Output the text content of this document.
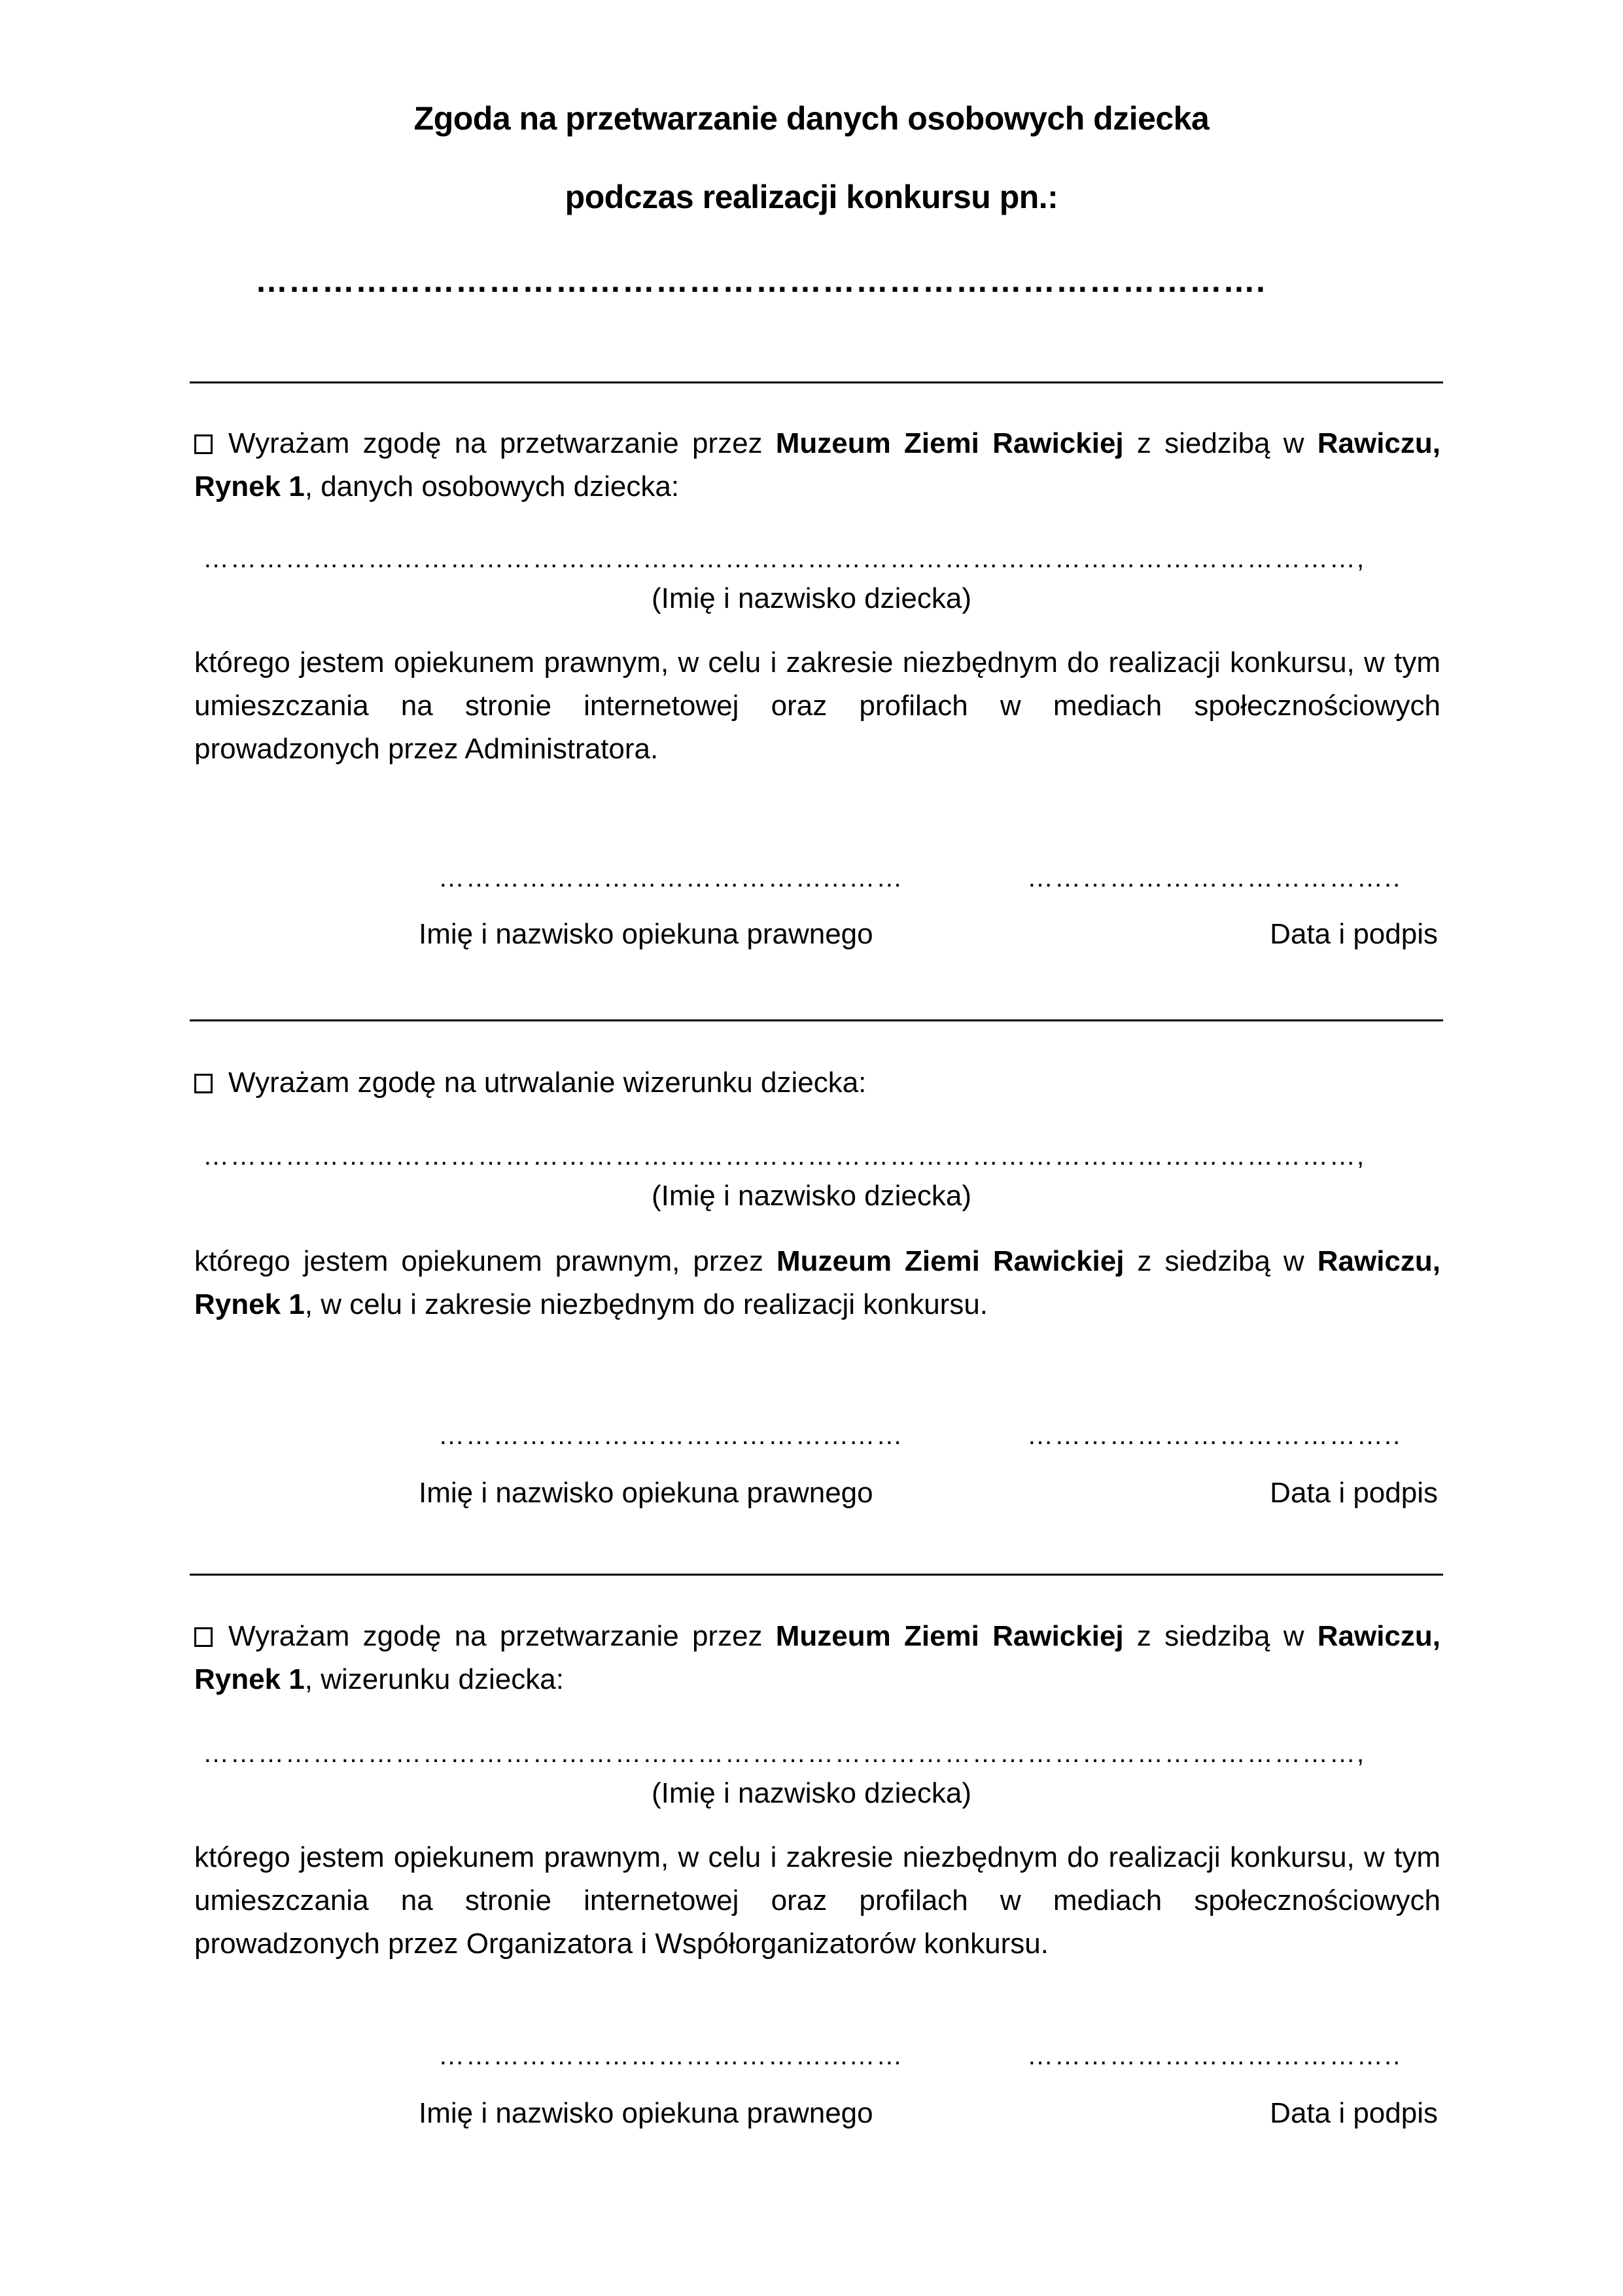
Zgoda na przetwarzanie danych osobowych dziecka
podczas realizacji konkursu pn.:
……………………………………………………………………………….
Wyrażam zgodę na przetwarzanie przez Muzeum Ziemi Rawickiej z siedzibą w Rawiczu, Rynek 1, danych osobowych dziecka:
………………………………………………………………………………………………………………,
(Imię i nazwisko dziecka)
którego jestem opiekunem prawnym, w celu i zakresie niezbędnym do realizacji konkursu, w tym umieszczania na stronie internetowej oraz profilach w mediach społecznościowych prowadzonych przez Administratora.
……………………………………...……	…………………………………..
Imię i nazwisko opiekuna prawnego	Data i podpis
Wyrażam zgodę na utrwalanie wizerunku dziecka:
………………………………………………………………………………………………………………,
(Imię i nazwisko dziecka)
którego jestem opiekunem prawnym, przez Muzeum Ziemi Rawickiej z siedzibą w Rawiczu, Rynek 1, w celu i zakresie niezbędnym do realizacji konkursu.
……………………………………...……	…………………………………..
Imię i nazwisko opiekuna prawnego	Data i podpis
Wyrażam zgodę na przetwarzanie przez Muzeum Ziemi Rawickiej z siedzibą w Rawiczu, Rynek 1, wizerunku dziecka:
………………………………………………………………………………………………………………,
(Imię i nazwisko dziecka)
którego jestem opiekunem prawnym, w celu i zakresie niezbędnym do realizacji konkursu, w tym umieszczania na stronie internetowej oraz profilach w mediach społecznościowych prowadzonych przez Organizatora i Współorganizatorów konkursu.
……………………………………...……	…………………………………..
Imię i nazwisko opiekuna prawnego	Data i podpis
